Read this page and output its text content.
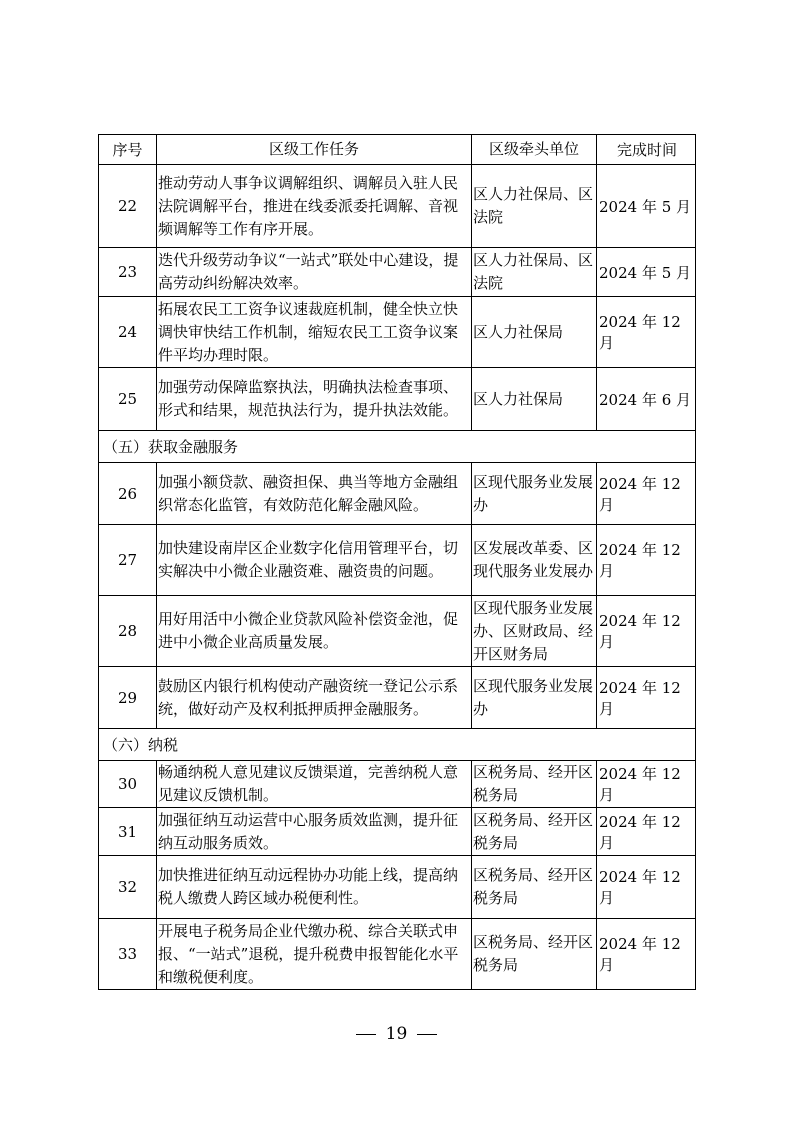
序号	区级工作任务	区级牵头单位	完成时间
22	推动劳动人事争议调解组织、调解员入驻人民法院调解平台，推进在线委派委托调解、音视频调解等工作有序开展。	区人力社保局、区法院	2024 年 5 月
23	迭代升级劳动争议“一站式”联处中心建设，提高劳动纠纷解决效率。	区人力社保局、区法院	2024 年 5 月
24	拓展农民工工资争议速裁庭机制，健全快立快调快审快结工作机制，缩短农民工工资争议案件平均办理时限。	区人力社保局	2024 年 12 月
25	加强劳动保障监察执法，明确执法检查事项、形式和结果，规范执法行为，提升执法效能。	区人力社保局	2024 年 6 月
（五）获取金融服务			
26	加强小额贷款、融资担保、典当等地方金融组织常态化监管，有效防范化解金融风险。	区现代服务业发展办	2024 年 12 月
27	加快建设南岸区企业数字化信用管理平台，切实解决中小微企业融资难、融资贵的问题。	区发展改革委、区现代服务业发展办	2024 年 12 月
28	用好用活中小微企业贷款风险补偿资金池，促进中小微企业高质量发展。	区现代服务业发展办、区财政局、经开区财务局	2024 年 12 月
29	鼓励区内银行机构使动产融资统一登记公示系统，做好动产及权利抵押质押金融服务。	区现代服务业发展办	2024 年 12 月
（六）纳税			
30	畅通纳税人意见建议反馈渠道，完善纳税人意见建议反馈机制。	区税务局、经开区税务局	2024 年 12 月
31	加强征纳互动运营中心服务质效监测，提升征纳互动服务质效。	区税务局、经开区税务局	2024 年 12 月
32	加快推进征纳互动远程协办功能上线，提高纳税人缴费人跨区域办税便利性。	区税务局、经开区税务局	2024 年 12 月
33	开展电子税务局企业代缴办税、综合关联式申报、“一站式”退税，提升税费申报智能化水平和缴税便利度。	区税务局、经开区税务局	2024 年 12 月
19
